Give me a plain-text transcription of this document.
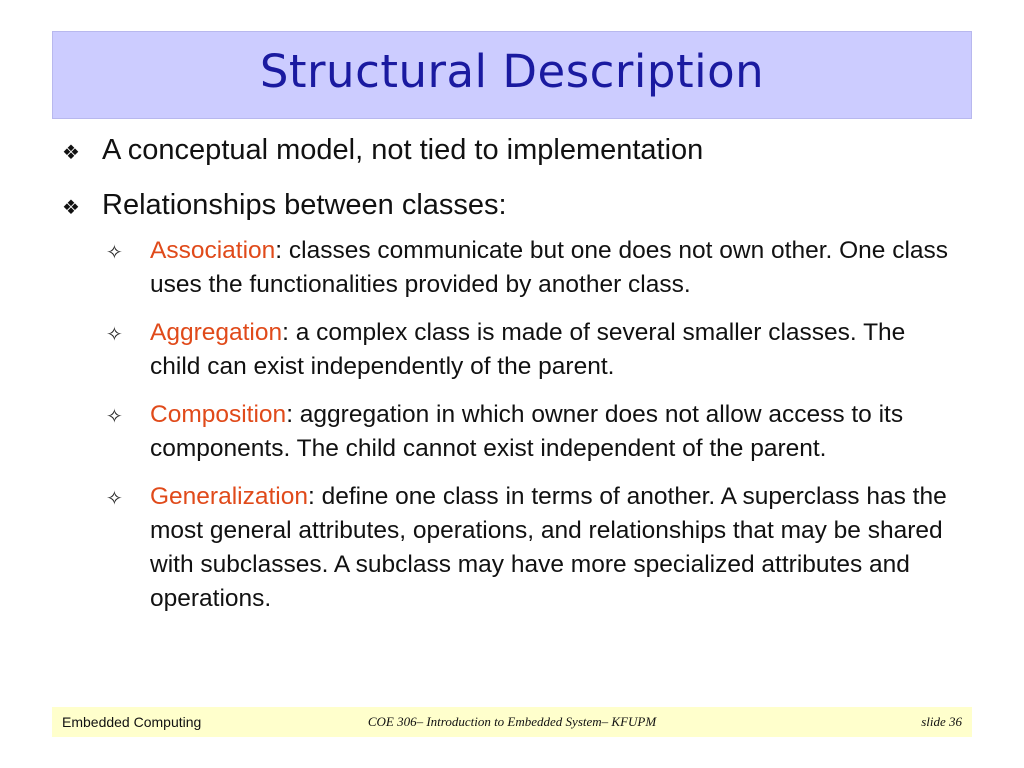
Structural Description
❖ A conceptual model, not tied to implementation
❖ Relationships between classes:
✧	Association: classes communicate but one does not own other. One class uses the functionalities provided by another class.
✧	Aggregation: a complex class is made of several smaller classes. The child can exist independently of the parent.
✧	Composition: aggregation in which owner does not allow access to its components. The child cannot exist independent of the parent.
✧	Generalization: define one class in terms of another. A superclass has the most general attributes, operations, and relationships that may be shared with subclasses. A subclass may have more specialized attributes and operations.
Embedded Computing	COE 306– Introduction to Embedded System– KFUPM	slide 36
